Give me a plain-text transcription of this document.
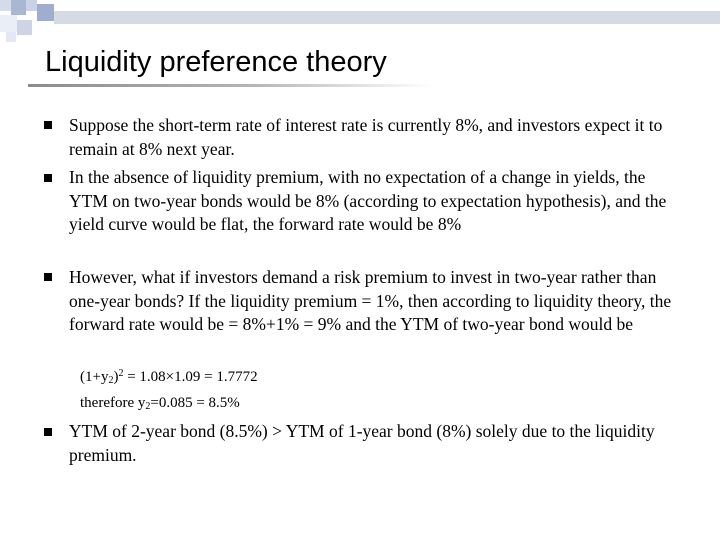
Liquidity preference theory

Suppose the short-term rate of interest rate is currently 8%, and investors expect it to remain at 8% next year.

In the absence of liquidity premium, with no expectation of a change in yields, the YTM on two-year bonds would be 8% (according to expectation hypothesis), and the yield curve would be flat, the forward rate would be 8%

However, what if investors demand a risk premium to invest in two-year rather than one-year bonds? If the liquidity premium = 1%, then according to liquidity theory, the forward rate would be = 8%+1% = 9% and the YTM of two-year bond would be

$(1+y_2)^2 = 1.08\times 1.09 = 1.7772$

therefore $y_2=0.085 = 8.5\%$

YTM of 2-year bond (8.5%) > YTM of 1-year bond (8%) solely due to the liquidity premium.
